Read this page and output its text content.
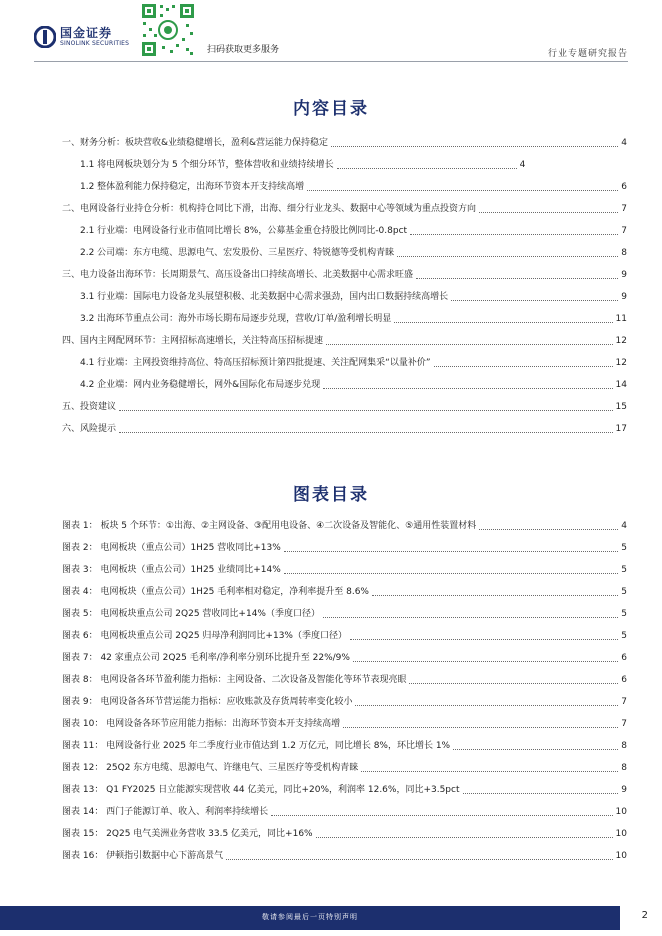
国金证券
SINOLINK SECURITIES
扫码获取更多服务	行业专题研究报告
内容目录
一、财务分析：板块营收&业绩稳健增长，盈利&营运能力保持稳定	4
1.1 将电网板块划分为 5 个细分环节，整体营收和业绩持续增长	4
1.2 整体盈利能力保持稳定，出海环节资本开支持续高增	6
二、电网设备行业持仓分析：机构持仓同比下滑，出海、细分行业龙头、数据中心等领域为重点投资方向	7
2.1 行业端：电网设备行业市值同比增长 8%，公募基金重仓持股比例同比-0.8pct	7
2.2 公司端：东方电缆、思源电气、宏发股份、三星医疗、特锐德等受机构青睐	8
三、电力设备出海环节：长周期景气、高压设备出口持续高增长、北美数据中心需求旺盛	9
3.1 行业端：国际电力设备龙头展望积极、北美数据中心需求强劲，国内出口数据持续高增长	9
3.2 出海环节重点公司：海外市场长期布局逐步兑现，营收/订单/盈利增长明显	11
四、国内主网配网环节：主网招标高速增长，关注特高压招标提速	12
4.1 行业端：主网投资维持高位、特高压招标预计第四批提速、关注配网集采“以量补价”	12
4.2 企业端：网内业务稳健增长，网外&国际化布局逐步兑现	14
五、投资建议	15
六、风险提示	17
图表目录
图表 1： 板块 5 个环节：①出海、②主网设备、③配用电设备、④二次设备及智能化、⑤通用性装置材料	4
图表 2： 电网板块（重点公司）1H25 营收同比+13%	5
图表 3： 电网板块（重点公司）1H25 业绩同比+14%	5
图表 4： 电网板块（重点公司）1H25 毛利率相对稳定，净利率提升至 8.6%	5
图表 5： 电网板块重点公司 2Q25 营收同比+14%（季度口径）	5
图表 6： 电网板块重点公司 2Q25 归母净利润同比+13%（季度口径）	5
图表 7： 42 家重点公司 2Q25 毛利率/净利率分别环比提升至 22%/9%	6
图表 8： 电网设备各环节盈利能力指标：主网设备、二次设备及智能化等环节表现亮眼	6
图表 9： 电网设备各环节营运能力指标：应收账款及存货周转率变化较小	7
图表 10： 电网设备各环节应用能力指标：出海环节资本开支持续高增	7
图表 11： 电网设备行业 2025 年二季度行业市值达到 1.2 万亿元，同比增长 8%，环比增长 1%	8
图表 12： 25Q2 东方电缆、思源电气、许继电气、三星医疗等受机构青睐	8
图表 13： Q1 FY2025 日立能源实现营收 44 亿美元，同比+20%，利润率 12.6%，同比+3.5pct	9
图表 14： 西门子能源订单、收入、利润率持续增长	10
图表 15： 2Q25 电气美洲业务营收 33.5 亿美元，同比+16%	10
图表 16： 伊顿指引数据中心下游高景气	10
敬请参阅最后一页特别声明	2
